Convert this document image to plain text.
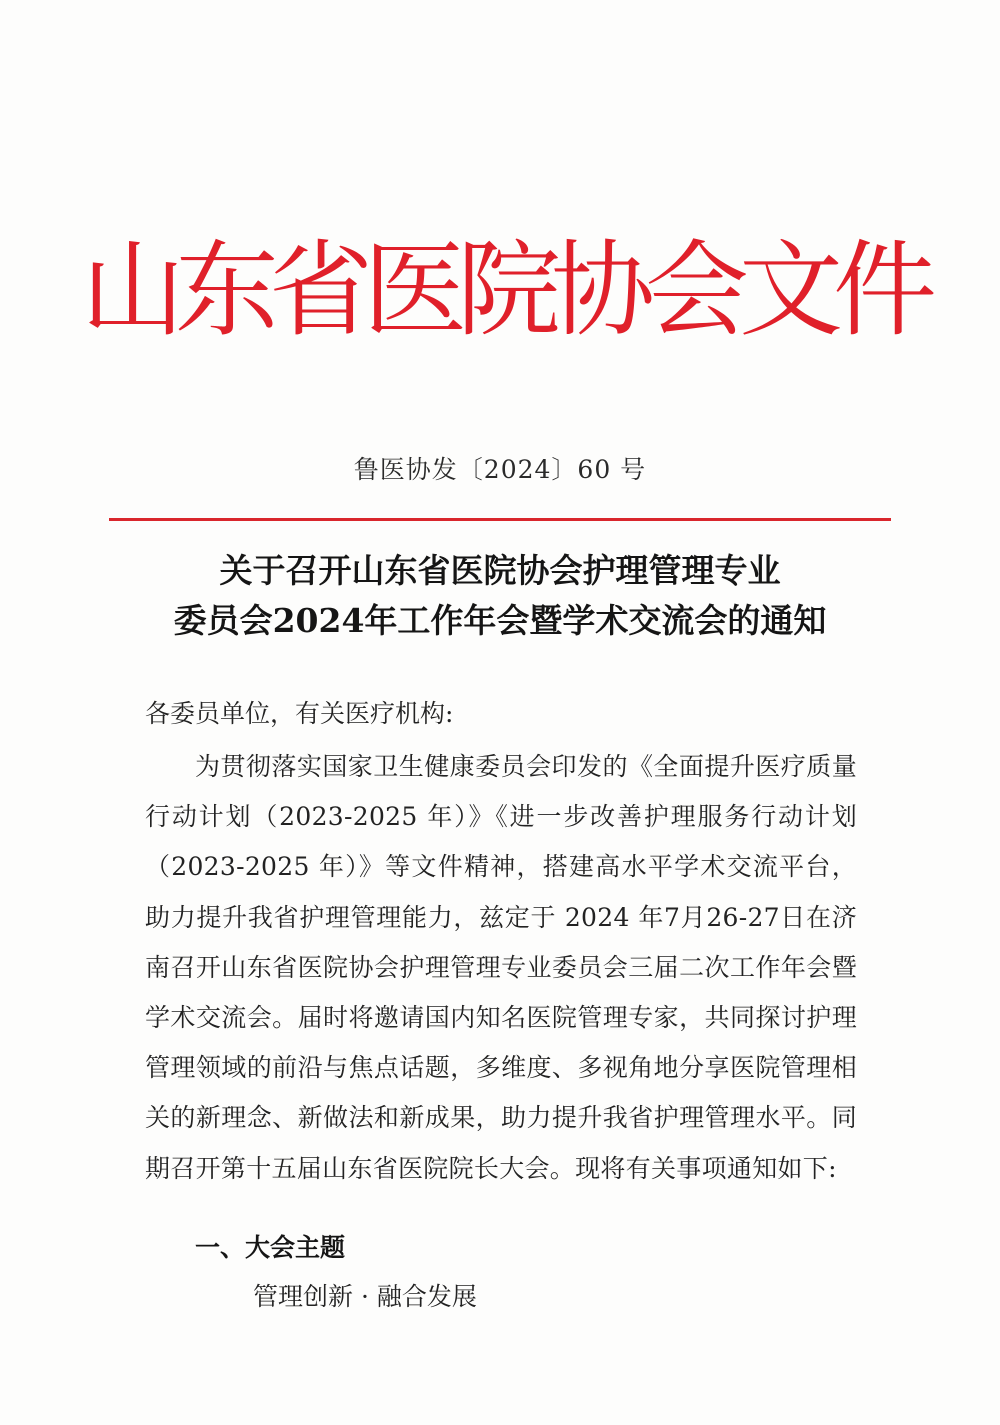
山东省医院协会文件
鲁医协发〔2024〕60 号
关于召开山东省医院协会护理管理专业
委员会2024年工作年会暨学术交流会的通知
各委员单位，有关医疗机构:
为贯彻落实国家卫生健康委员会印发的《全面提升医疗质量行动计划（2023-2025 年）》《进一步改善护理服务行动计划（2023-2025 年）》等文件精神，搭建高水平学术交流平台，助力提升我省护理管理能力，兹定于 2024 年7月26-27日在济南召开山东省医院协会护理管理专业委员会三届二次工作年会暨学术交流会。届时将邀请国内知名医院管理专家，共同探讨护理管理领域的前沿与焦点话题，多维度、多视角地分享医院管理相关的新理念、新做法和新成果，助力提升我省护理管理水平。同期召开第十五届山东省医院院长大会。现将有关事项通知如下:
一、大会主题
管理创新 · 融合发展
